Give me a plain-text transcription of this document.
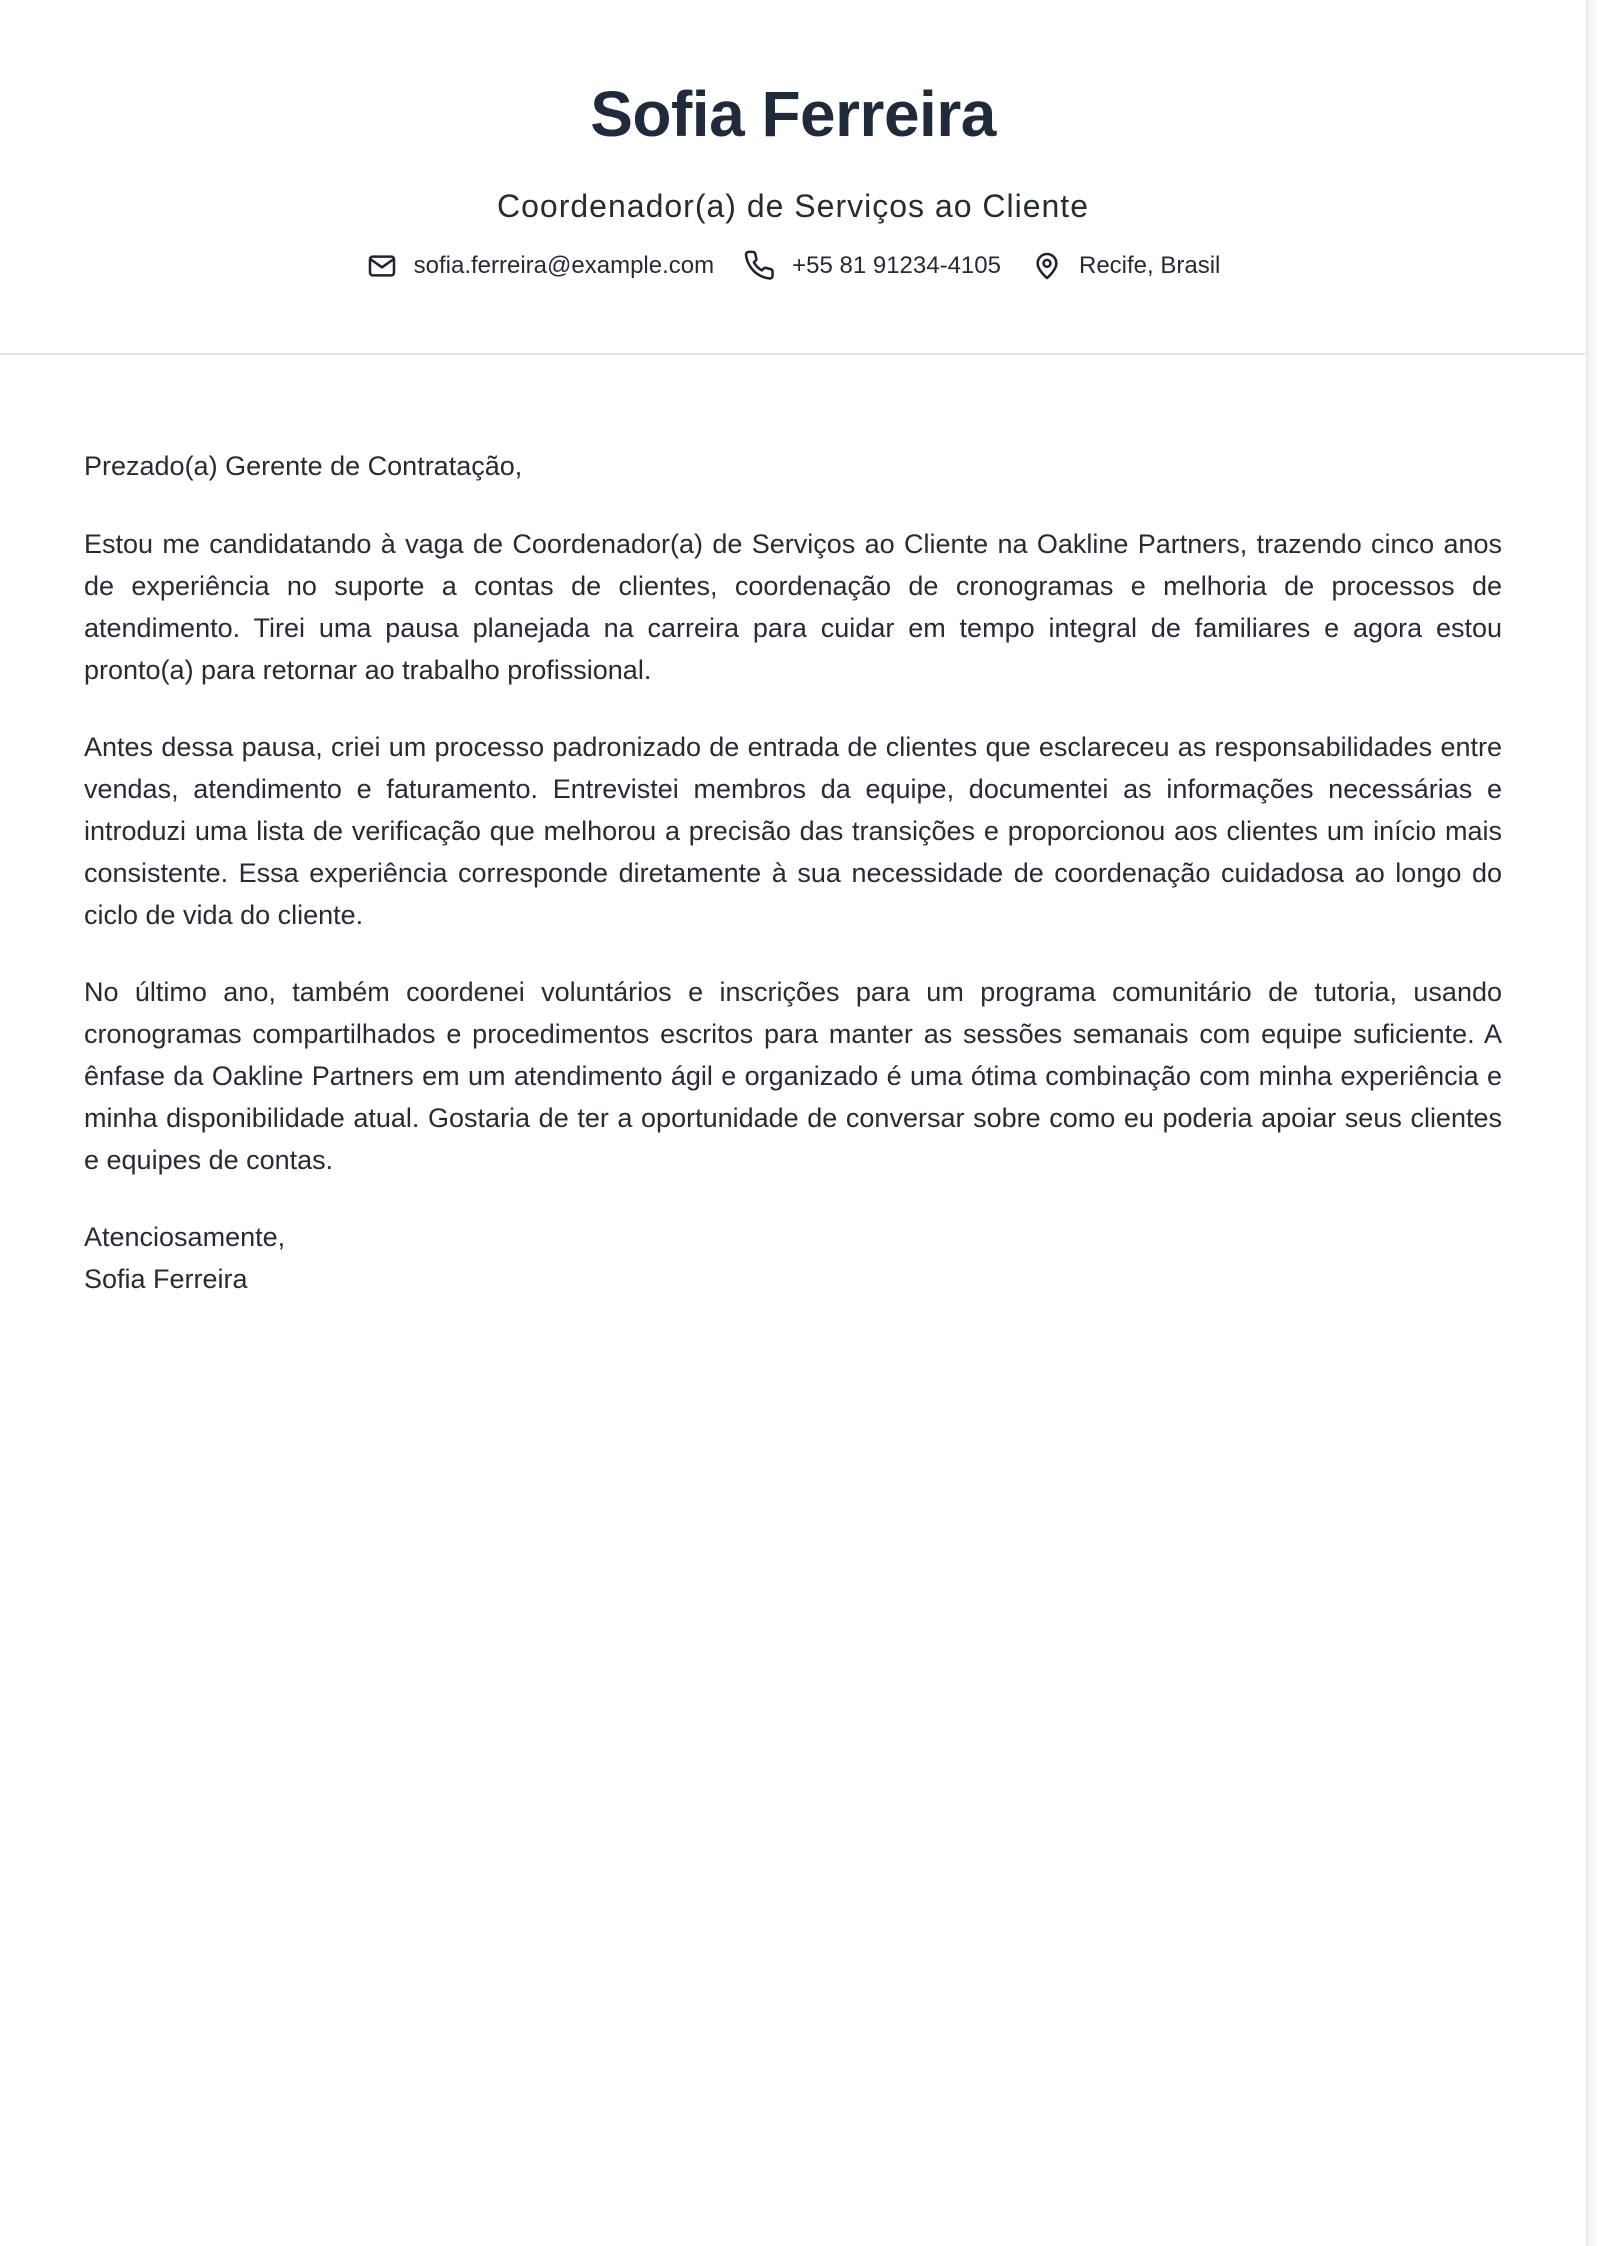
Sofia Ferreira
Coordenador(a) de Serviços ao Cliente
sofia.ferreira@example.com	+55 81 91234-4105	Recife, Brasil

Prezado(a) Gerente de Contratação,

Estou me candidatando à vaga de Coordenador(a) de Serviços ao Cliente na Oakline Partners, trazendo cinco anos de experiência no suporte a contas de clientes, coordenação de cronogramas e melhoria de processos de atendimento. Tirei uma pausa planejada na carreira para cuidar em tempo integral de familiares e agora estou pronto(a) para retornar ao trabalho profissional.

Antes dessa pausa, criei um processo padronizado de entrada de clientes que esclareceu as responsabilidades entre vendas, atendimento e faturamento. Entrevistei membros da equipe, documentei as informações necessárias e introduzi uma lista de verificação que melhorou a precisão das transições e proporcionou aos clientes um início mais consistente. Essa experiência corresponde diretamente à sua necessidade de coordenação cuidadosa ao longo do ciclo de vida do cliente.

No último ano, também coordenei voluntários e inscrições para um programa comunitário de tutoria, usando cronogramas compartilhados e procedimentos escritos para manter as sessões semanais com equipe suficiente. A ênfase da Oakline Partners em um atendimento ágil e organizado é uma ótima combinação com minha experiência e minha disponibilidade atual. Gostaria de ter a oportunidade de conversar sobre como eu poderia apoiar seus clientes e equipes de contas.

Atenciosamente,
Sofia Ferreira
